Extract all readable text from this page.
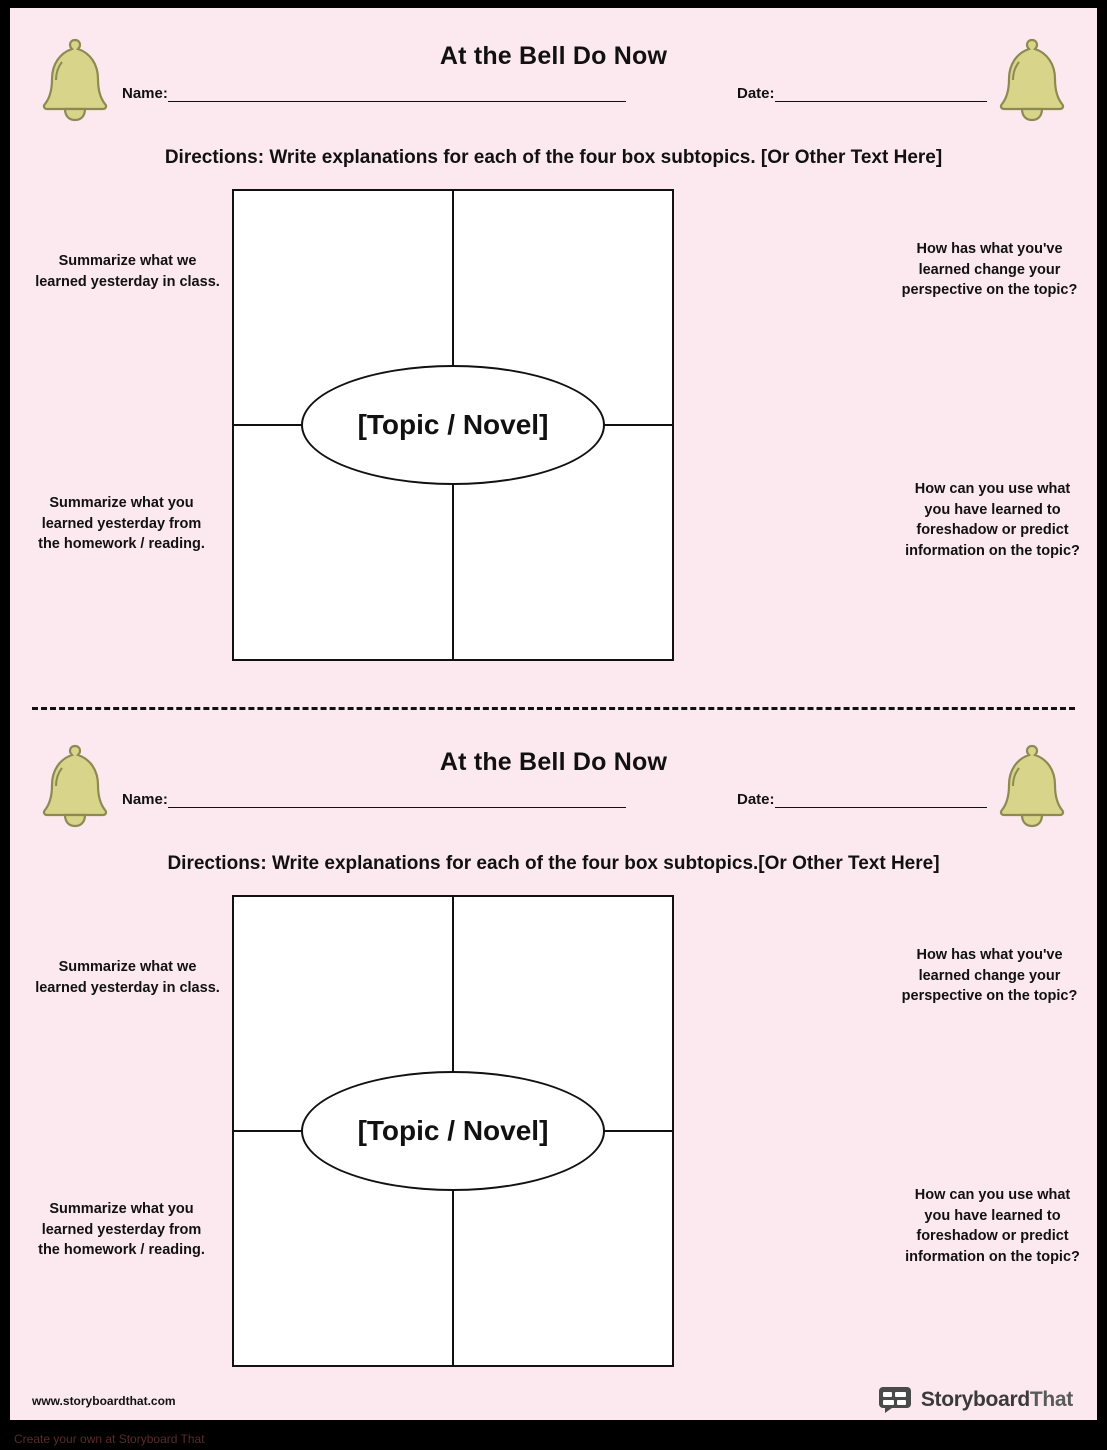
At the Bell Do Now
Name:	Date:
Directions: Write explanations for each of the four box subtopics. [Or Other Text Here]
[Topic / Novel]
Summarize what we learned yesterday in class.
Summarize what you learned yesterday from the homework / reading.
How has what you've learned change your perspective on the topic?
How can you use what you have learned to foreshadow or predict information on the topic?
At the Bell Do Now
Name:	Date:
Directions: Write explanations for each of the four box subtopics.[Or Other Text Here]
[Topic / Novel]
Summarize what we learned yesterday in class.
Summarize what you learned yesterday from the homework / reading.
How has what you've learned change your perspective on the topic?
How can you use what you have learned to foreshadow or predict information on the topic?
www.storyboardthat.com	StoryboardThat
Create your own at Storyboard That
